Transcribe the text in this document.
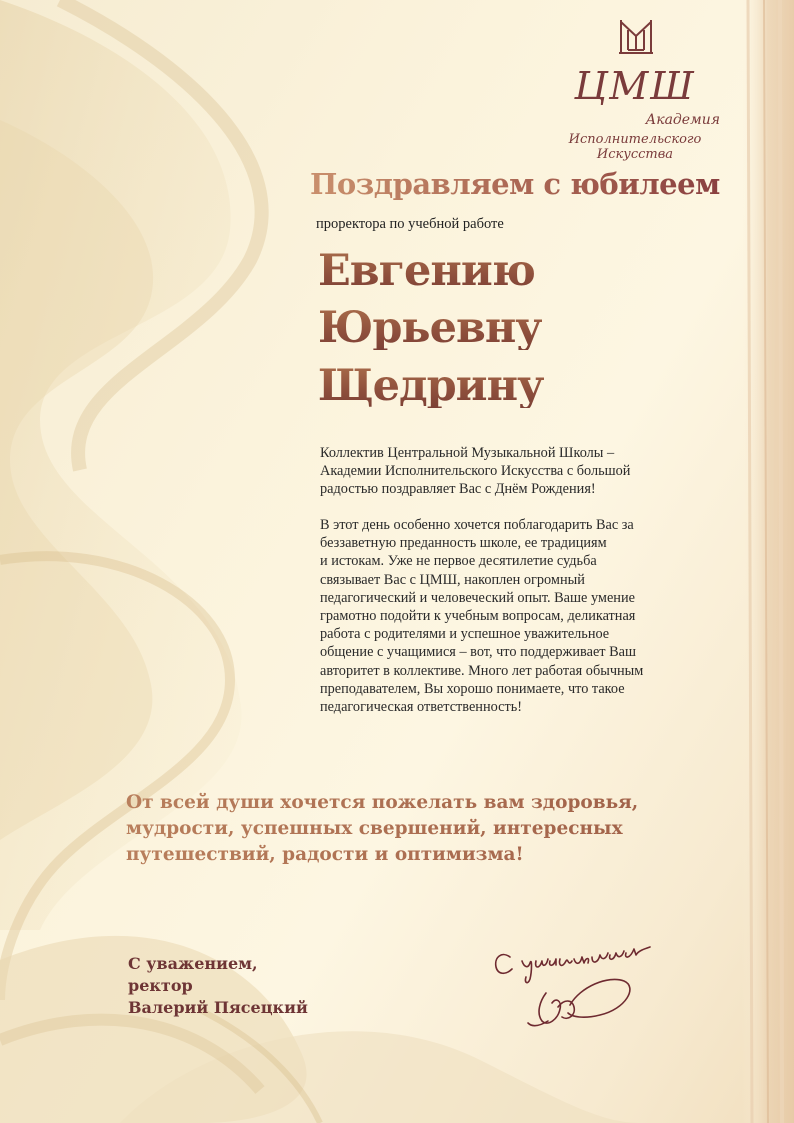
ЦМШ
Академия
Исполнительского Искусства
Поздравляем с юбилеем
проректора по учебной работе
Евгению
Юрьевну
Щедрину
Коллектив Центральной Музыкальной Школы –
Академии Исполнительского Искусства с большой
радостью поздравляет Вас с Днём Рождения!
В этот день особенно хочется поблагодарить Вас за
беззаветную преданность школе, ее традициям
и истокам. Уже не первое десятилетие судьба
связывает Вас с ЦМШ, накоплен огромный
педагогический и человеческий опыт. Ваше умение
грамотно подойти к учебным вопросам, деликатная
работа с родителями и успешное уважительное
общение с учащимися – вот, что поддерживает Ваш
авторитет в коллективе. Много лет работая обычным
преподавателем, Вы хорошо понимаете, что такое
педагогическая ответственность!
От всей души хочется пожелать вам здоровья,
мудрости, успешных свершений, интересных
путешествий, радости и оптимизма!
С уважением,
ректор
Валерий Пясецкий
